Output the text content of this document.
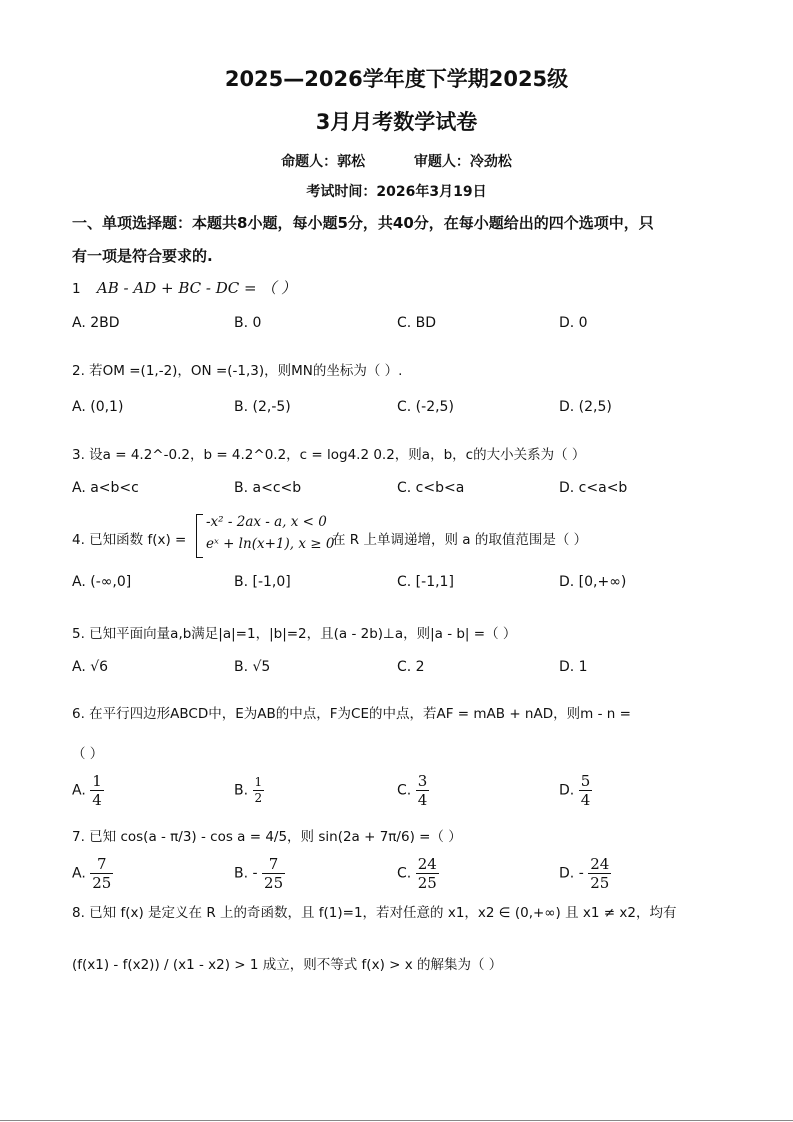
2025—2026学年度下学期2025级
3月月考数学试卷
命题人：郭松          审题人：冷劲松
考试时间：2026年3月19日
一、单项选择题：本题共8小题，每小题5分，共40分，在每小题给出的四个选项中，只
有一项是符合要求的.
1 AB - AD + BC - DC = （ ）
A. 2BD	B. 0	C. BD	D. 0
2. 若OM =(1,-2)，ON =(-1,3)，则MN的坐标为（ ）.
A. (0,1)	B. (2,-5)	C. (-2,5)	D. (2,5)
3. 设a = 4.2^-0.2，b = 4.2^0.2，c = log4.2 0.2，则a，b，c的大小关系为（ ）
A. a<b<c	B. a<c<b	C. c<b<a	D. c<a<b
4. 已知函数 f(x) =
-x² - 2ax - a, x < 0
eˣ + ln(x+1), x ≥ 0
在 R 上单调递增，则 a 的取值范围是（ ）
A. (-∞,0]	B. [-1,0]	C. [-1,1]	D. [0,+∞)
5. 已知平面向量a,b满足|a|=1，|b|=2，且(a - 2b)⊥a，则|a - b| =（ ）
A. √6	B. √5	C. 2	D. 1
6. 在平行四边形ABCD中，E为AB的中点，F为CE的中点，若AF = mAB + nAD，则m - n =
（ ）
A. $\frac{1}{4}$	B. $\frac{1}{2}$	C. $\frac{3}{4}$	D. $\frac{5}{4}$
7. 已知 cos(a - π/3) - cos a = 4/5，则 sin(2a + 7π/6) =（ ）
A. $\frac{7}{25}$	B. - $\frac{7}{25}$	C. $\frac{24}{25}$	D. - $\frac{24}{25}$
8. 已知 f(x) 是定义在 R 上的奇函数，且 f(1)=1，若对任意的 x1，x2 ∈ (0,+∞) 且 x1 ≠ x2，均有
(f(x1) - f(x2)) / (x1 - x2) > 1 成立，则不等式 f(x) > x 的解集为（ ）
